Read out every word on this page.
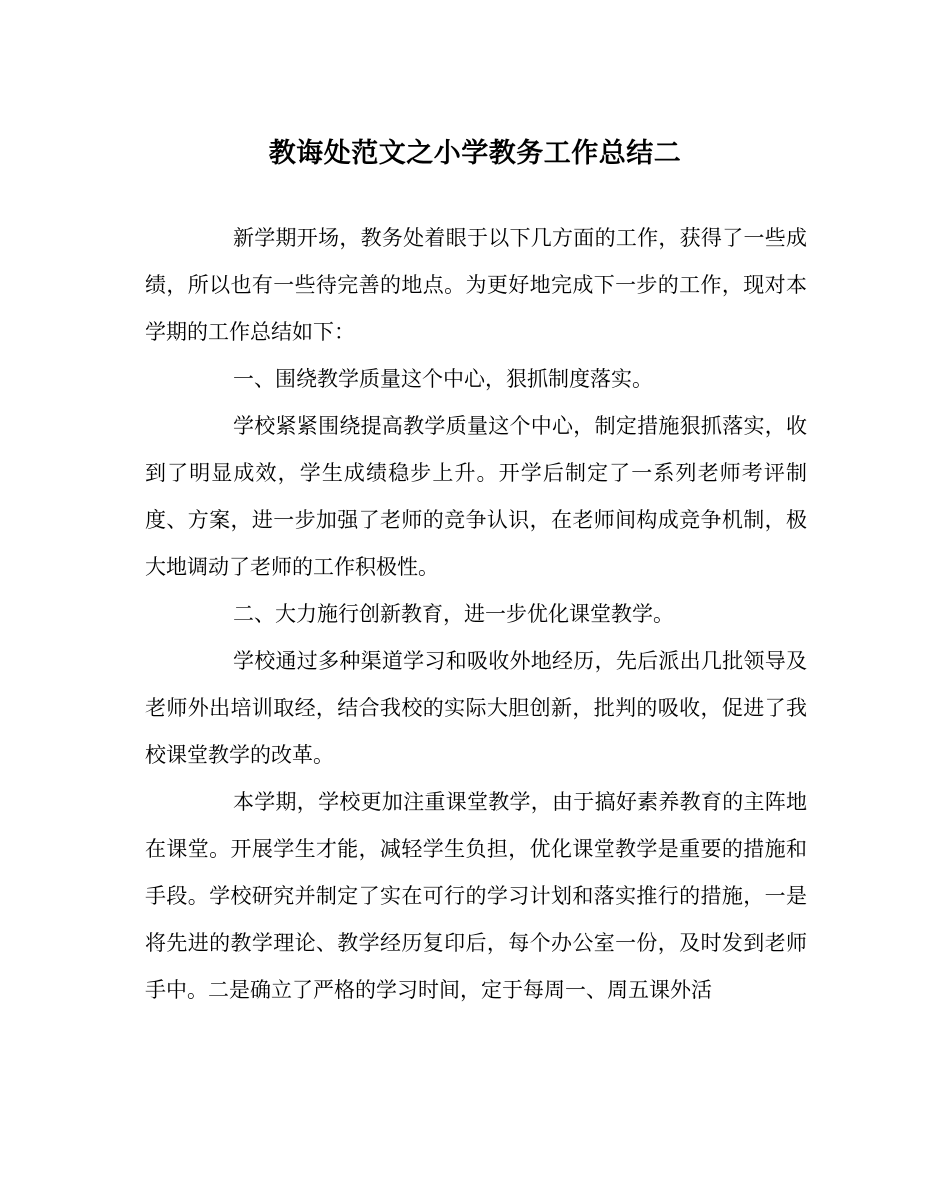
教诲处范文之小学教务工作总结二

新学期开场，教务处着眼于以下几方面的工作，获得了一些成绩，所以也有一些待完善的地点。为更好地完成下一步的工作，现对本学期的工作总结如下：

一、围绕教学质量这个中心，狠抓制度落实。

学校紧紧围绕提高教学质量这个中心，制定措施狠抓落实，收到了明显成效，学生成绩稳步上升。开学后制定了一系列老师考评制度、方案，进一步加强了老师的竞争认识，在老师间构成竞争机制，极大地调动了老师的工作积极性。

二、大力施行创新教育，进一步优化课堂教学。

学校通过多种渠道学习和吸收外地经历，先后派出几批领导及老师外出培训取经，结合我校的实际大胆创新，批判的吸收，促进了我校课堂教学的改革。

本学期，学校更加注重课堂教学，由于搞好素养教育的主阵地在课堂。开展学生才能，减轻学生负担，优化课堂教学是重要的措施和手段。学校研究并制定了实在可行的学习计划和落实推行的措施，一是将先进的教学理论、教学经历复印后，每个办公室一份，及时发到老师手中。二是确立了严格的学习时间，定于每周一、周五课外活
